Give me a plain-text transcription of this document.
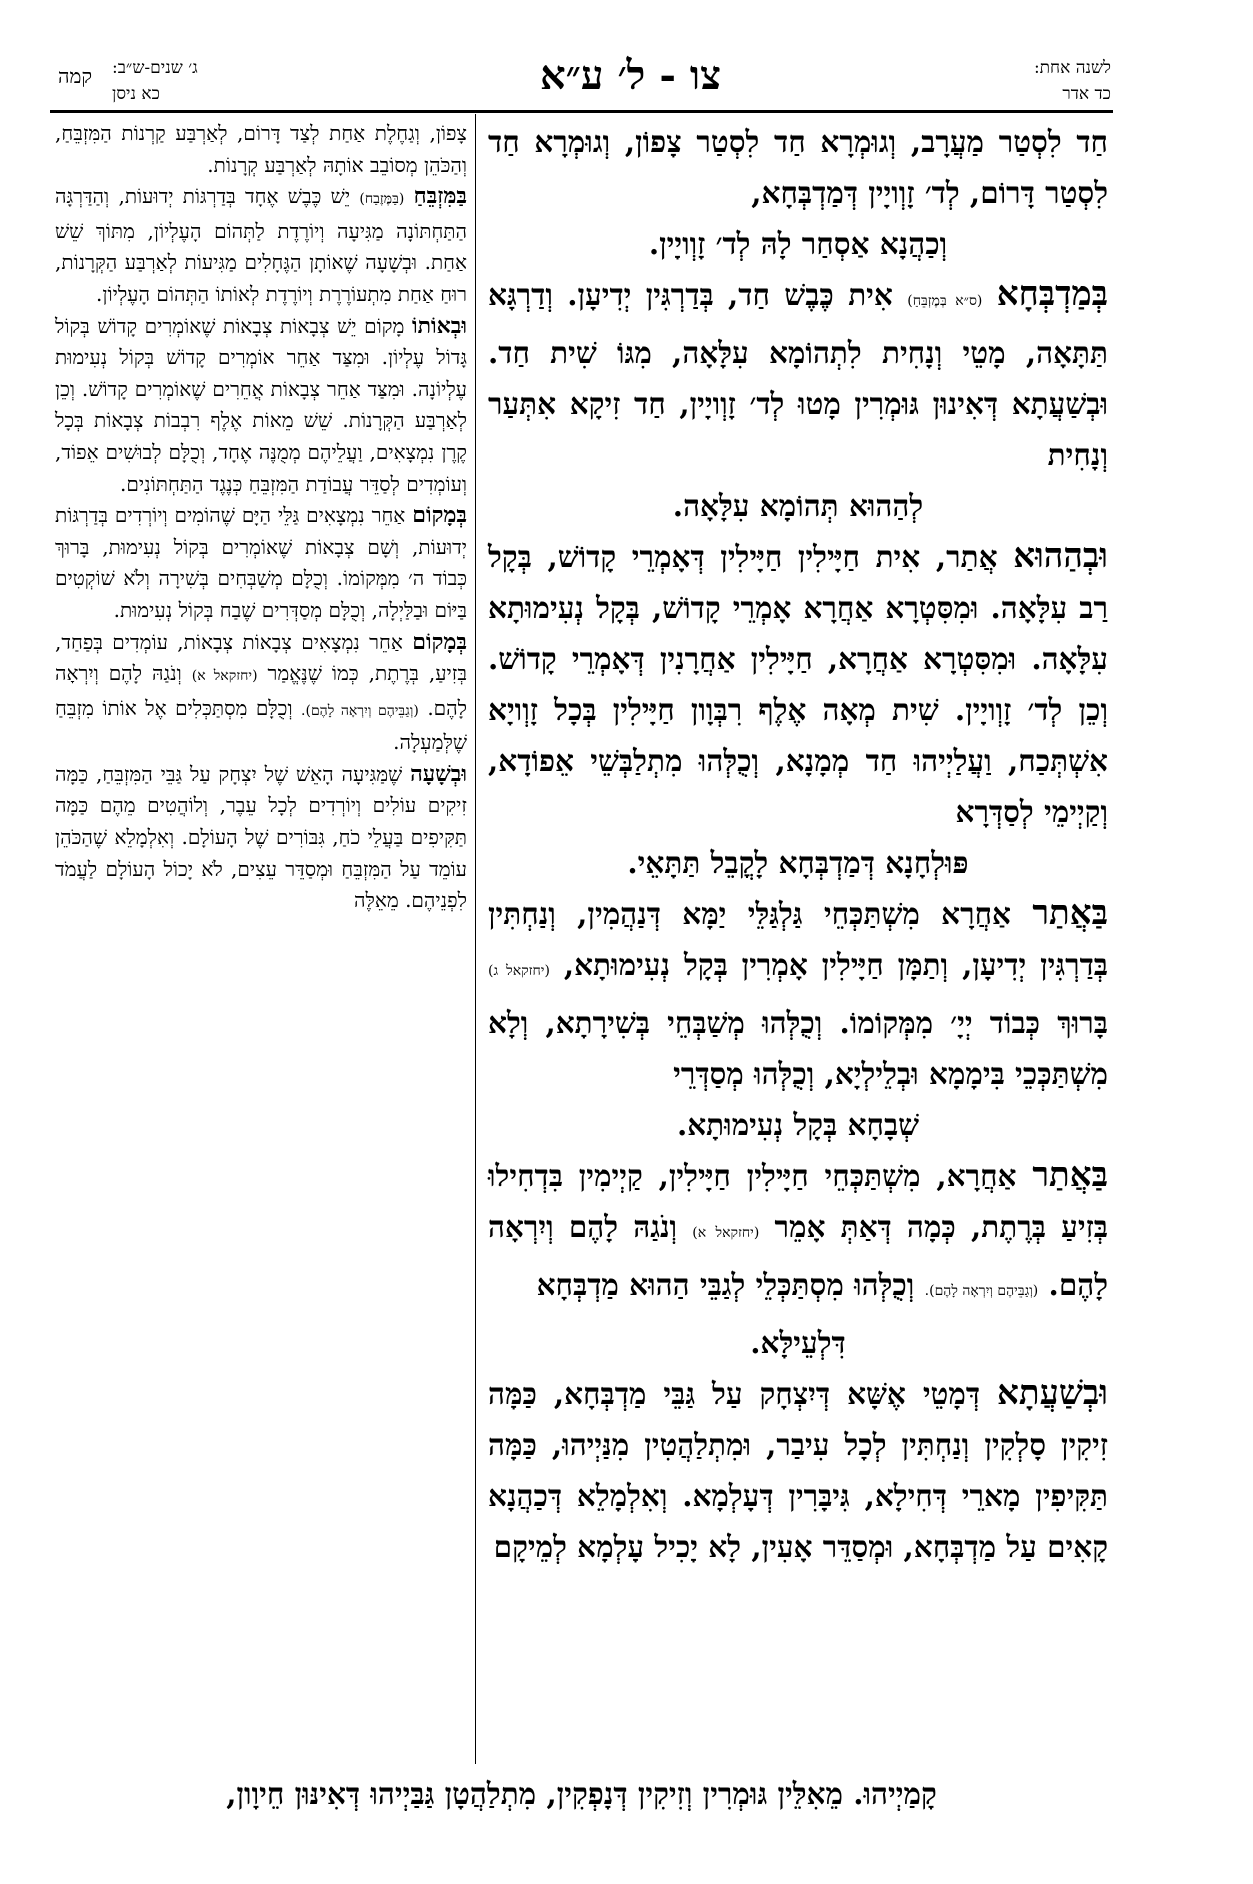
לשנה אחת:
כד אדר
צו - ל׳ ע״א
ג׳ שנים-ש״ב:
כא ניסן
קמה

חַד לִסְטַר מַעֲרָב, וְגוּמְרָא חַד לִסְטַר צָפוֹן, וְגוּמְרָא חַד לִסְטַר דָּרוֹם, לְד׳ זָוְויָין דְּמַדְבְּחָא,

וְכַהֲנָא אַסְחַר לָהּ לְד׳ זָוְויָין.

בְּמַדְבְּחָא (ס״א בְּמֶזְבֵּחַ) אִית כֶּבֶשׁ חַד, בְּדַרְגִּין יְדִיעָן. וְדַרְגָּא תַּתָּאָה, מָטֵי וְנָחִית לִתְהוֹמָא עִלָּאָה, מִגּוֹ שִׁית חַד. וּבְשַׁעֲתָא דְּאִינוּן גּוּמְרִין מָטוּ לְד׳ זָוְויָין, חַד זִיקָא אִתְּעַר וְנָחִית

לְהַהוּא תְּהוֹמָא עִלָּאָה.

וּבְהַהוּא אֲתַר, אִית חַיָּילִין חַיָּילִין דְּאָמְרֵי קָדוֹשׁ, בְּקָל רַב עִלָּאָה. וּמִסִּטְרָא אַחֲרָא אָמְרֵי קָדוֹשׁ, בְּקָל נְעִימוּתָא עִלָּאָה. וּמִסִּטְרָא אַחֲרָא, חַיָּילִין אַחֲרָנִין דְּאָמְרֵי קָדוֹשׁ. וְכֵן לְד׳ זָוְויָין. שִׁית מְאָה אֶלֶף רִבְּוָון חַיָּילִין בְּכָל זָוְויָא אִשְׁתְּכַח, וַעֲלַיְיהוּ חַד מְמָנָא, וְכֻלְּהוּ מִתְלַבְּשֵׁי אֵפוֹדָא, וְקַיְימֵי לְסַדְּרָא

פּוּלְחָנָא דְּמַדְבְּחָא לָקֳבֵל תַּתָּאֵי.

בַּאֲתַר אַחֲרָא מִשְׁתַּכְּחֵי גַּלְגַּלֵּי יַמָּא דְּנַהֲמִין, וְנַחְתִּין בְּדַרְגִּין יְדִיעָן, וְתַמָּן חַיָּילִין אָמְרִין בְּקָל נְעִימוּתָא, (יחזקאל ג) בָּרוּךְ כְּבוֹד יְיָ׳ מִמְּקוֹמוֹ. וְכֻלְּהוּ מְשַׁבְּחֵי בְּשִׁירָתָא, וְלָא מִשְׁתַּכְּכֵי בִּימָמָא וּבְלֵילְיָא, וְכֻלְּהוּ מְסַדְּרֵי

שְׁבָחָא בְּקָל נְעִימוּתָא.

בַּאֲתַר אַחֲרָא, מִשְׁתַּכְּחֵי חַיָּילִין חַיָּילִין, קַיְימִין בִּדְחִילוּ בְּזִיעַ בְּרֶתֶת, כְּמָה דְּאַתְּ אָמֵר (יחזקאל א) וְנֹגַהּ לָהֶם וְיִרְאָה לָהֶם. (וְגַבֵּיהֶם וְיִרְאָה לָהֶם). וְכֻלְּהוּ מִסְתַּכְּלֵי לְגַבֵּי הַהוּא מַדְבְּחָא

דִּלְעֵילָּא.

וּבְשַׁעֲתָא דְּמָטֵי אֶשָּׁא דְּיִצְחָק עַל גַּבֵּי מַדְבְּחָא, כַּמָּה זִיקִין סָלְקִין וְנַחְתִּין לְכָל עִיבַר, וּמִתְלַהֲטִין מִנַּיְיהוּ, כַּמָּה תַּקִּיפִין מָארֵי דְּחִילָא, גִּיבָּרִין דְּעָלְמָא. וְאִלְמָלֵא דְּכַהֲנָא קָאִים עַל מַדְבְּחָא, וּמְסַדֵּר אָעִין, לָא יָכִיל עָלְמָא לְמֵיקָם

צָפוֹן, וְגַחֶלֶת אַחַת לְצַד דָּרוֹם, לְאַרְבַּע קַרְנוֹת הַמִּזְבֵּחַ, וְהַכֹּהֵן מְסוֹבֵב אוֹתָהּ לְאַרְבַּע קְרָנוֹת.

בַּמִּזְבֵּחַ (בַּמֶּזֶבַח) יֵשׁ כֶּבֶשׁ אֶחָד בְּדַרְגּוֹת יְדוּעוֹת, וְהַדַּרְגָּה הַתַּחְתּוֹנָה מַגִּיעָה וְיוֹרֶדֶת לַתְּהוֹם הָעֶלְיוֹן, מִתּוֹךְ שֵׁשׁ אַחַת. וּבְשָׁעָה שֶׁאוֹתָן הַגֶּחָלִים מַגִּיעוֹת לְאַרְבַּע הַקְּרָנוֹת, רוּחַ אַחַת מִתְעוֹרֶרֶת וְיוֹרֶדֶת לְאוֹתוֹ הַתְּהוֹם הָעֶלְיוֹן.

וּבְאוֹתוֹ מָקוֹם יֵשׁ צְבָאוֹת צְבָאוֹת שֶׁאוֹמְרִים קָדוֹשׁ בְּקוֹל גָּדוֹל עֶלְיוֹן. וּמִצַּד אַחֵר אוֹמְרִים קָדוֹשׁ בְּקוֹל נְעִימוּת עֶלְיוֹנָה. וּמִצַּד אַחֵר צְבָאוֹת אֲחֵרִים שֶׁאוֹמְרִים קָדוֹשׁ. וְכֵן לְאַרְבַּע הַקְּרָנוֹת. שֵׁשׁ מֵאוֹת אֶלֶף רִבְבוֹת צְבָאוֹת בְּכָל קֶרֶן נִמְצָאִים, וַעֲלֵיהֶם מְמֻנֶּה אֶחָד, וְכֻלָּם לְבוּשִׁים אֵפוֹד, וְעוֹמְדִים לְסַדֵּר עֲבוֹדַת הַמִּזְבֵּחַ כְּנֶגֶד הַתַּחְתּוֹנִים.

בְּמָקוֹם אַחֵר נִמְצָאִים גַּלֵּי הַיָּם שֶׁהוֹמִים וְיוֹרְדִים בְּדַרְגּוֹת יְדוּעוֹת, וְשָׁם צְבָאוֹת שֶׁאוֹמְרִים בְּקוֹל נְעִימוּת, בָּרוּךְ כְּבוֹד ה׳ מִמְּקוֹמוֹ. וְכֻלָּם מְשַׁבְּחִים בְּשִׁירָה וְלֹא שׁוֹקְטִים בַּיּוֹם וּבַלַּיְלָה, וְכֻלָּם מְסַדְּרִים שֶׁבַח בְּקוֹל נְעִימוּת.

בְּמָקוֹם אַחֵר נִמְצָאִים צְבָאוֹת צְבָאוֹת, עוֹמְדִים בְּפַחַד, בְּזִיעַ, בְּרֶתֶת, כְּמוֹ שֶׁנֶּאֱמַר (יחזקאל א) וְנֹגַהּ לָהֶם וְיִרְאָה לָהֶם. (וְגַבֵּיהֶם וְיִרְאָה לָהֶם). וְכֻלָּם מִסְתַּכְּלִים אֶל אוֹתוֹ מִזְבֵּחַ שֶׁלְּמַעְלָה.

וּבְשָׁעָה שֶׁמַּגִּיעָה הָאֵשׁ שֶׁל יִצְחָק עַל גַּבֵּי הַמִּזְבֵּחַ, כַּמָּה זִיקִים עוֹלִים וְיוֹרְדִים לְכָל עֵבֶר, וְלוֹהֲטִים מֵהֶם כַּמָּה תַּקִּיפִים בַּעֲלֵי כֹחַ, גִּבּוֹרִים שֶׁל הָעוֹלָם. וְאִלְמָלֵא שֶׁהַכֹּהֵן עוֹמֵד עַל הַמִּזְבֵּחַ וּמְסַדֵּר עֵצִים, לֹא יָכוֹל הָעוֹלָם לַעֲמֹד לִפְנֵיהֶם. מֵאֵלֶּה

קָמַיְיהוּ. מֵאִלֵּין גּוּמְרִין וְזִיקִין דְּנָפְקִין, מִתְלַהֲטָן גַּבַּיְיהוּ דְּאִינּוּן חֵיוָון,
